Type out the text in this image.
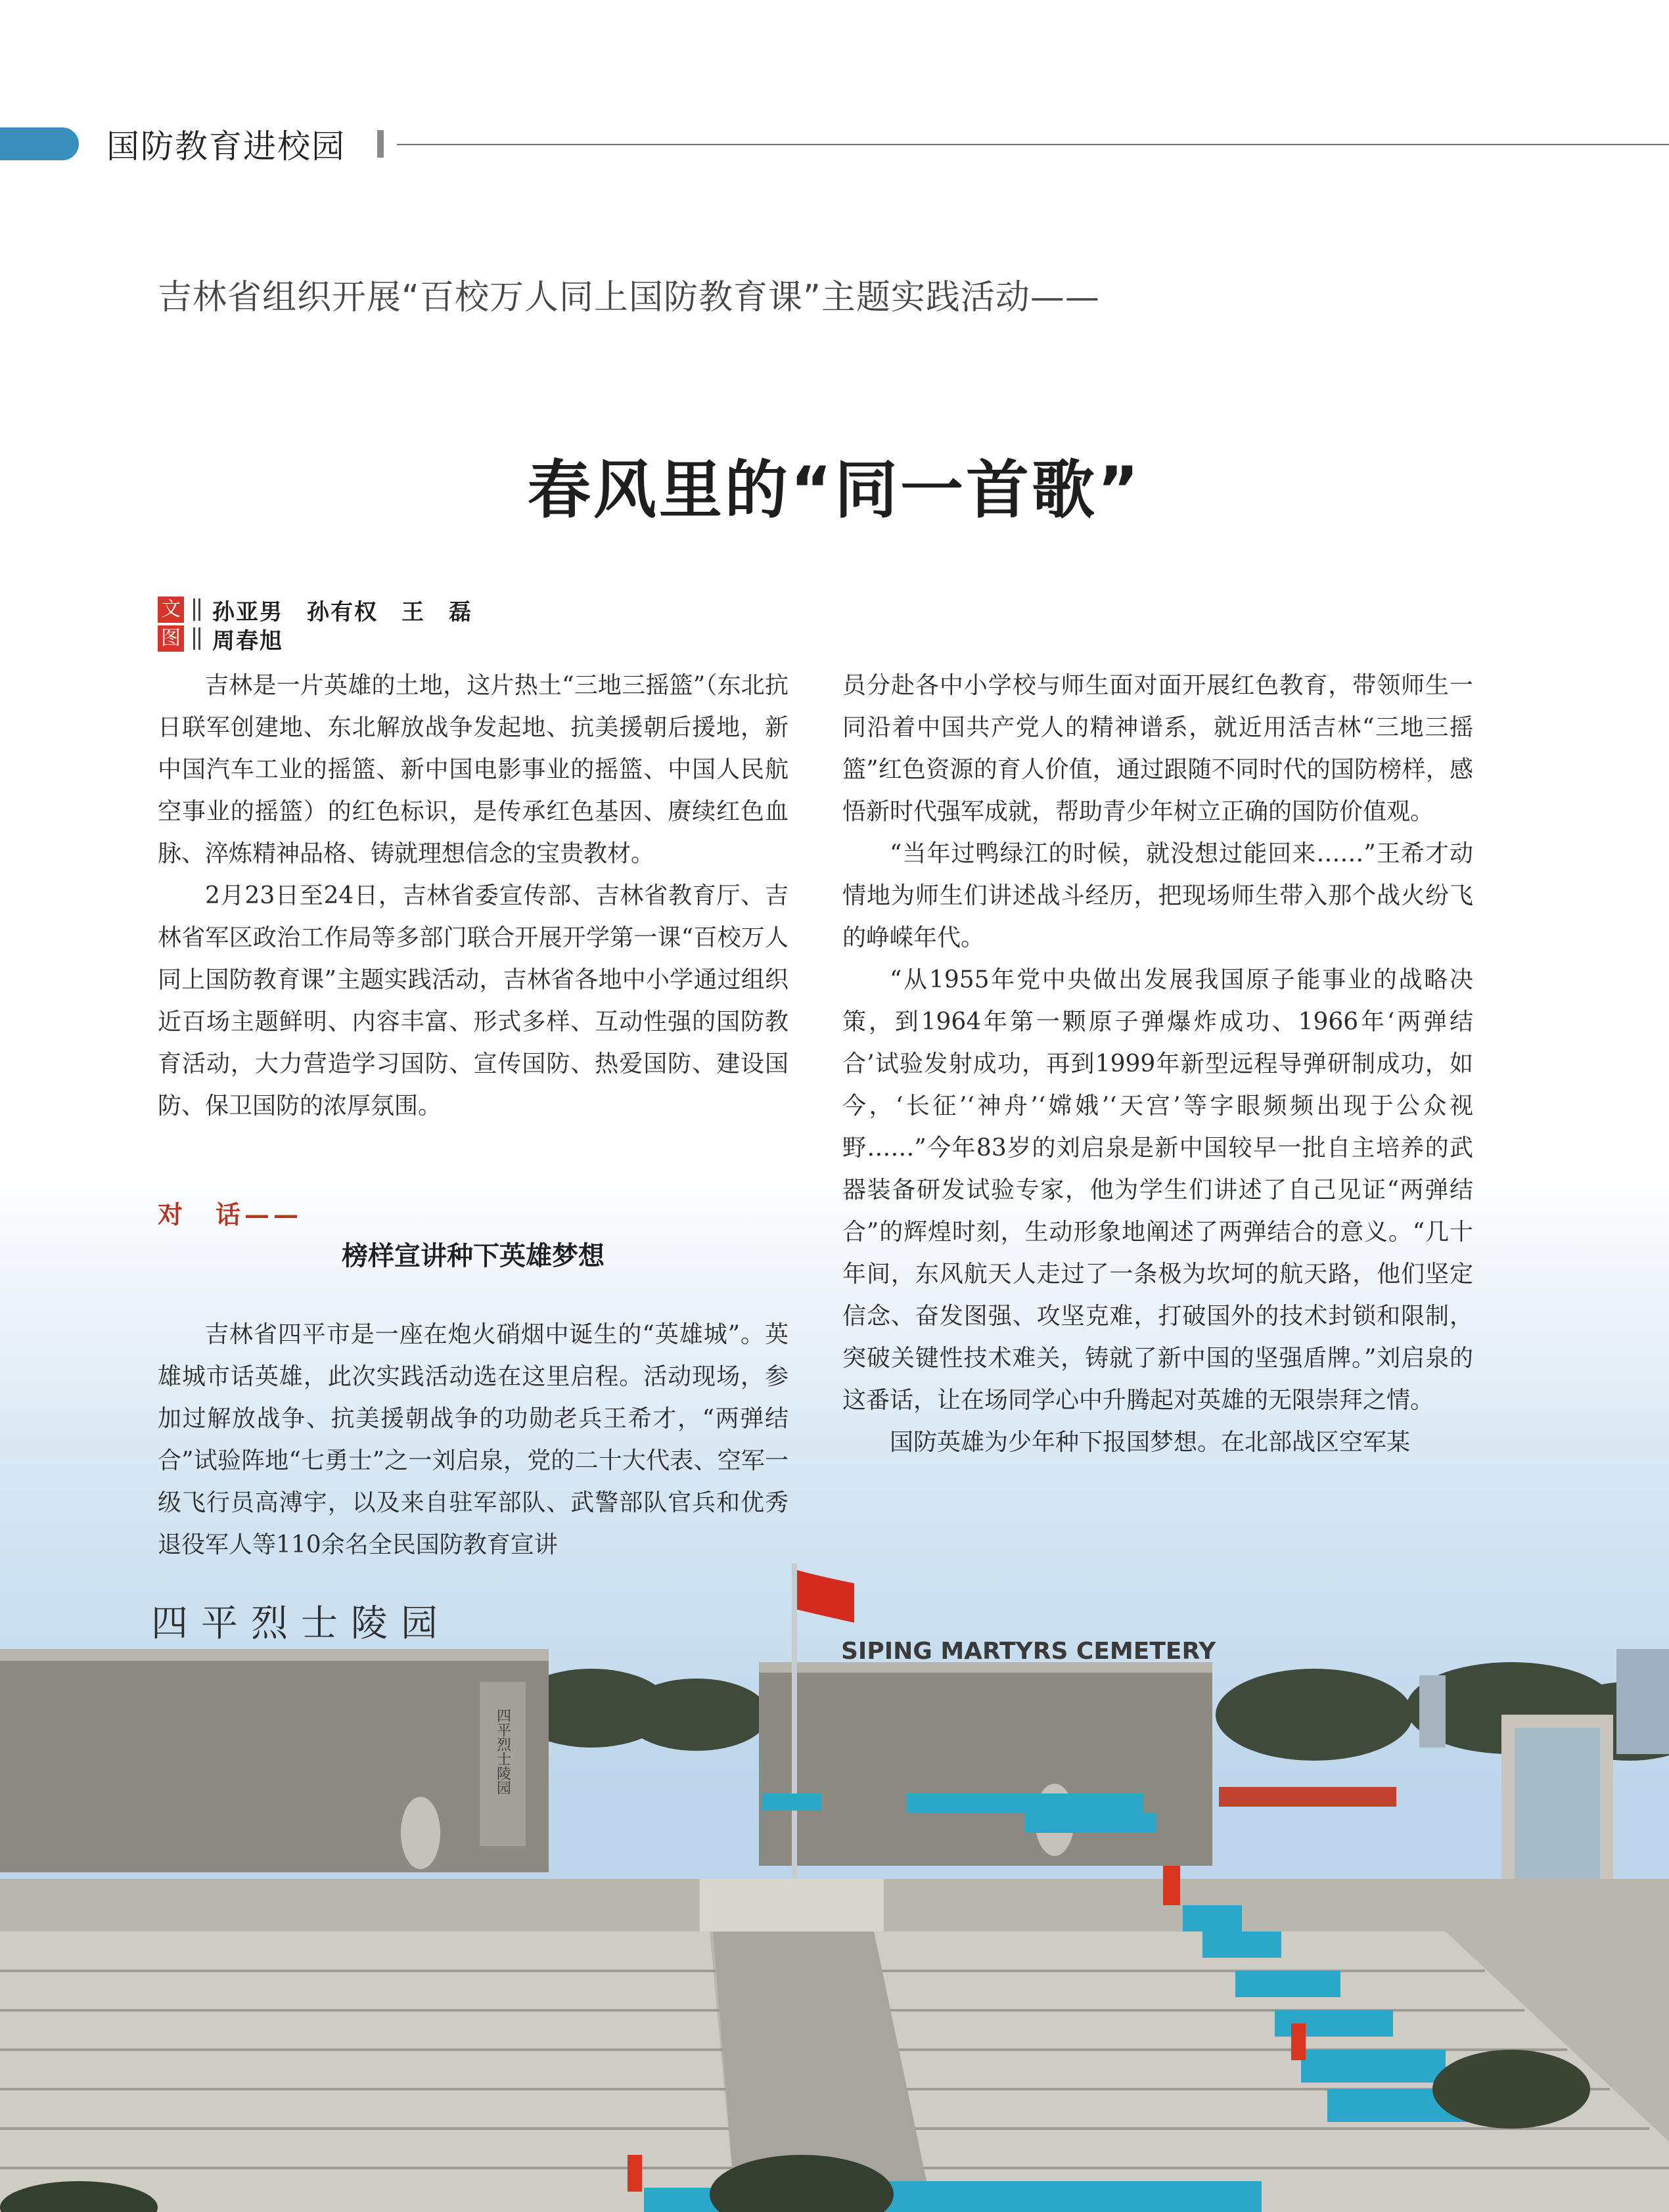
四平烈士陵园
四平烈士陵园
SIPING MARTYRS CEMETERY
国防教育进校园
吉林省组织开展“百校万人同上国防教育课”主题实践活动——
春风里的“同一首歌”
文 孙亚男　孙有权　王　磊
图 周春旭

吉林是一片英雄的土地，这片热土“三地三摇篮”（东北抗日联军创建地、东北解放战争发起地、抗美援朝后援地，新中国汽车工业的摇篮、新中国电影事业的摇篮、中国人民航空事业的摇篮）的红色标识，是传承红色基因、赓续红色血脉、淬炼精神品格、铸就理想信念的宝贵教材。

2月23日至24日，吉林省委宣传部、吉林省教育厅、吉林省军区政治工作局等多部门联合开展开学第一课“百校万人同上国防教育课”主题实践活动，吉林省各地中小学通过组织近百场主题鲜明、内容丰富、形式多样、互动性强的国防教育活动，大力营造学习国防、宣传国防、热爱国防、建设国防、保卫国防的浓厚氛围。

对　话——
榜样宣讲种下英雄梦想

吉林省四平市是一座在炮火硝烟中诞生的“英雄城”。英雄城市话英雄，此次实践活动选在这里启程。活动现场，参加过解放战争、抗美援朝战争的功勋老兵王希才，“两弹结合”试验阵地“七勇士”之一刘启泉，党的二十大代表、空军一级飞行员高溥宇，以及来自驻军部队、武警部队官兵和优秀退役军人等110余名全民国防教育宣讲

员分赴各中小学校与师生面对面开展红色教育，带领师生一同沿着中国共产党人的精神谱系，就近用活吉林“三地三摇篮”红色资源的育人价值，通过跟随不同时代的国防榜样，感悟新时代强军成就，帮助青少年树立正确的国防价值观。

“当年过鸭绿江的时候，就没想过能回来……”王希才动情地为师生们讲述战斗经历，把现场师生带入那个战火纷飞的峥嵘年代。

“从1955年党中央做出发展我国原子能事业的战略决策，到1964年第一颗原子弹爆炸成功、1966年‘两弹结合’试验发射成功，再到1999年新型远程导弹研制成功，如今，‘长征’‘神舟’‘嫦娥’‘天宫’等字眼频频出现于公众视野……”今年83岁的刘启泉是新中国较早一批自主培养的武器装备研发试验专家，他为学生们讲述了自己见证“两弹结合”的辉煌时刻，生动形象地阐述了两弹结合的意义。“几十年间，东风航天人走过了一条极为坎坷的航天路，他们坚定信念、奋发图强、攻坚克难，打破国外的技术封锁和限制，突破关键性技术难关，铸就了新中国的坚强盾牌。”刘启泉的这番话，让在场同学心中升腾起对英雄的无限崇拜之情。

国防英雄为少年种下报国梦想。在北部战区空军某
